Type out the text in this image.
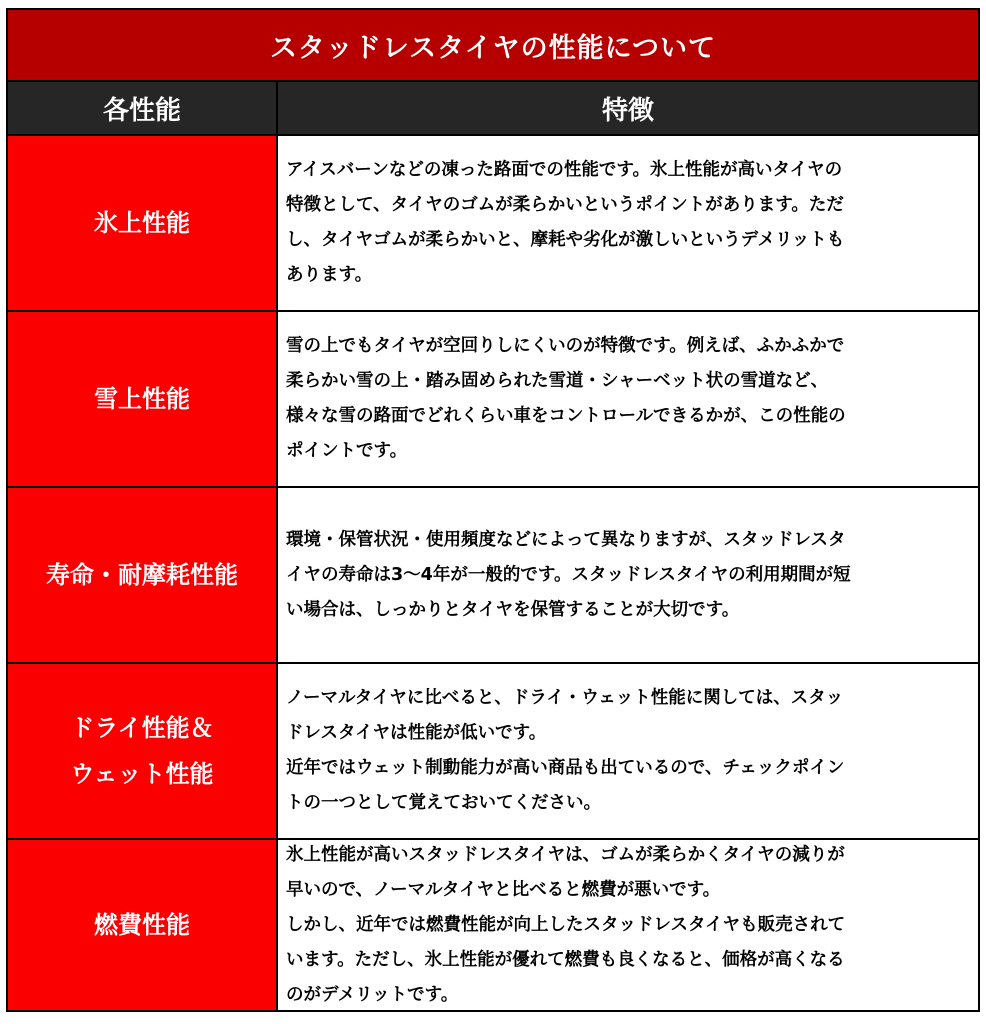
スタッドレスタイヤの性能について
各性能	特徴
氷上性能
アイスバーンなどの凍った路面での性能です。氷上性能が高いタイヤの
特徴として、タイヤのゴムが柔らかいというポイントがあります。ただ
し、タイヤゴムが柔らかいと、摩耗や劣化が激しいというデメリットも
あります。
雪上性能
雪の上でもタイヤが空回りしにくいのが特徴です。例えば、ふかふかで
柔らかい雪の上・踏み固められた雪道・シャーベット状の雪道など、
様々な雪の路面でどれくらい車をコントロールできるかが、この性能の
ポイントです。
寿命・耐摩耗性能
環境・保管状況・使用頻度などによって異なりますが、スタッドレスタ
イヤの寿命は3～4年が一般的です。スタッドレスタイヤの利用期間が短
い場合は、しっかりとタイヤを保管することが大切です。
ドライ性能＆
ウェット性能
ノーマルタイヤに比べると、ドライ・ウェット性能に関しては、スタッ
ドレスタイヤは性能が低いです。
近年ではウェット制動能力が高い商品も出ているので、チェックポイン
トの一つとして覚えておいてください。
燃費性能
氷上性能が高いスタッドレスタイヤは、ゴムが柔らかくタイヤの減りが
早いので、ノーマルタイヤと比べると燃費が悪いです。
しかし、近年では燃費性能が向上したスタッドレスタイヤも販売されて
います。ただし、氷上性能が優れて燃費も良くなると、価格が高くなる
のがデメリットです。
